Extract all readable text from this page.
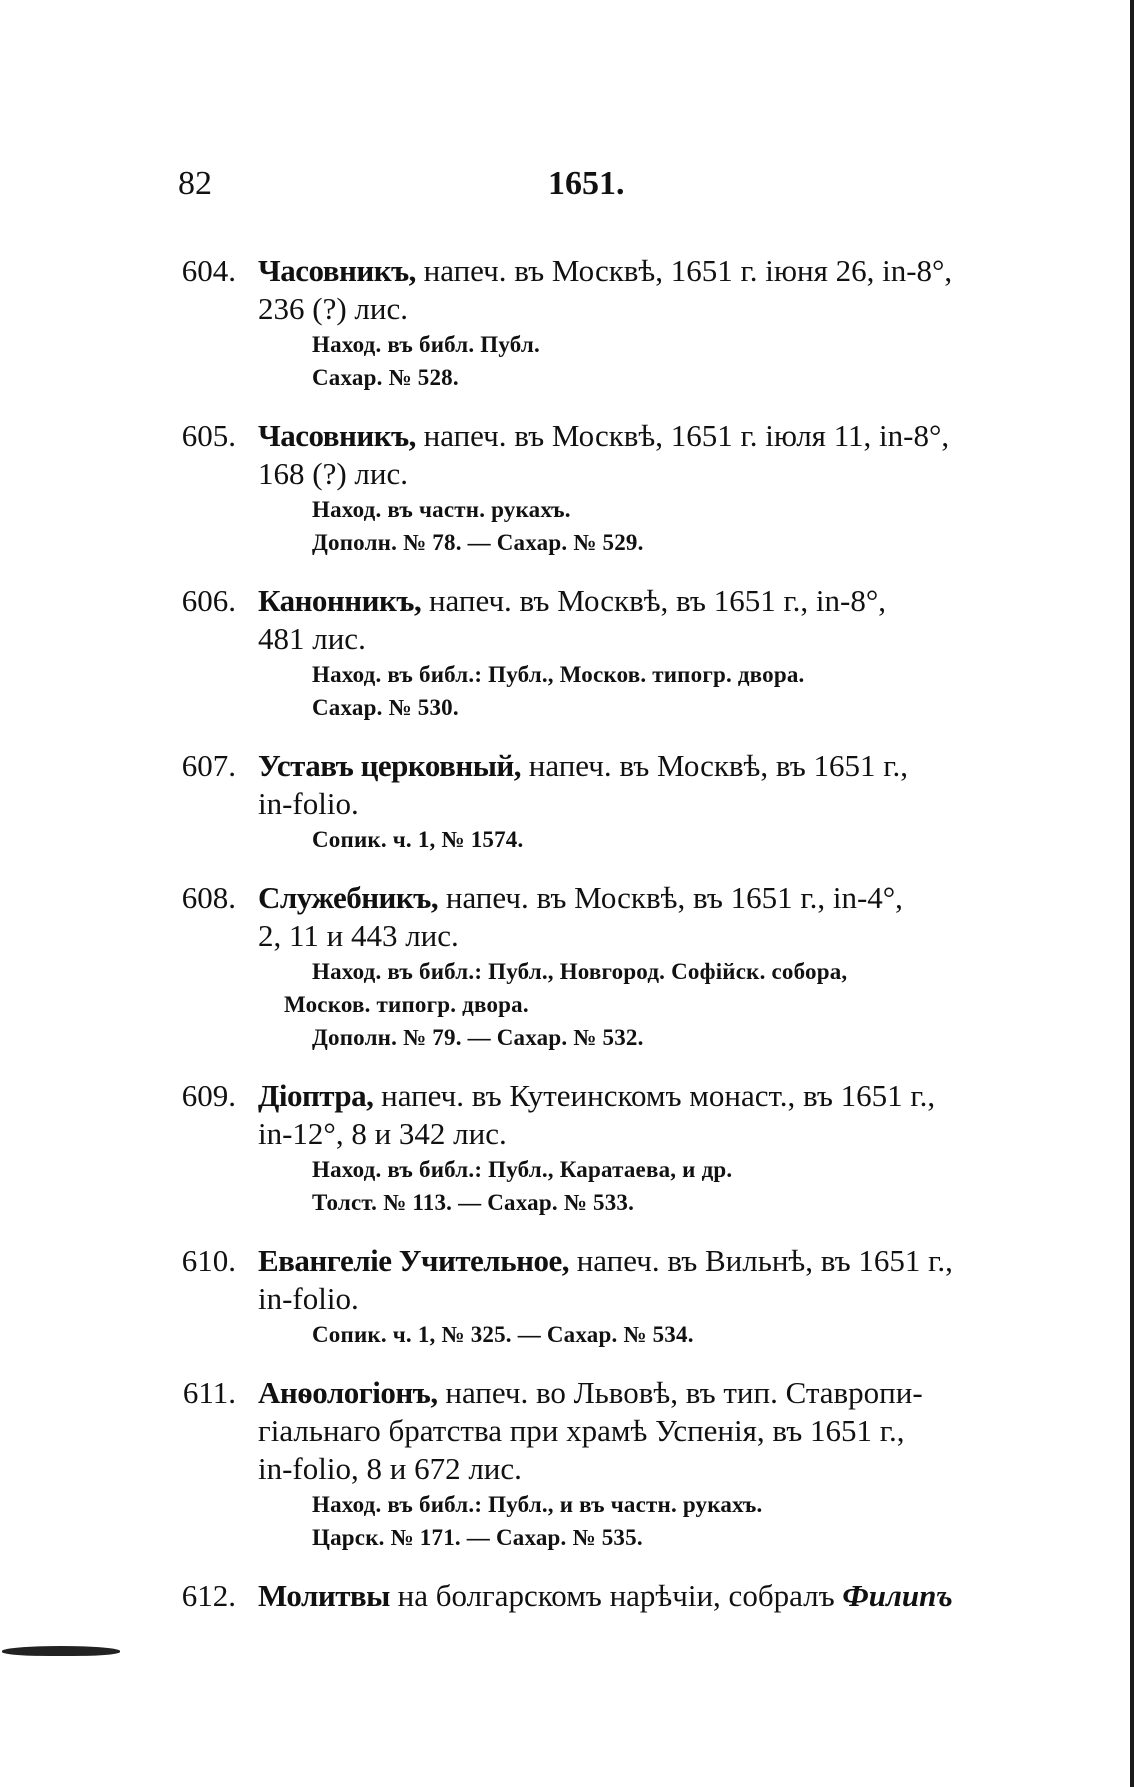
82	1651.
604. Часовникъ, напеч. въ Москвѣ, 1651 г. іюня 26, in-8°,
236 (?) лис.
Наход. въ библ. Публ.
Сахар. № 528.
605. Часовникъ, напеч. въ Москвѣ, 1651 г. іюля 11, in-8°,
168 (?) лис.
Наход. въ частн. рукахъ.
Дополн. № 78. — Сахар. № 529.
606. Канонникъ, напеч. въ Москвѣ, въ 1651 г., in-8°,
481 лис.
Наход. въ библ.: Публ., Москов. типогр. двора.
Сахар. № 530.
607. Уставъ церковный, напеч. въ Москвѣ, въ 1651 г.,
in-folio.
Сопик. ч. 1, № 1574.
608. Служебникъ, напеч. въ Москвѣ, въ 1651 г., in-4°,
2, 11 и 443 лис.
Наход. въ библ.: Публ., Новгород. Софійск. собора,
Москов. типогр. двора.
Дополн. № 79. — Сахар. № 532.
609. Діоптра, напеч. въ Кутеинскомъ монаст., въ 1651 г.,
in-12°, 8 и 342 лис.
Наход. въ библ.: Публ., Каратаева, и др.
Толст. № 113. — Сахар. № 533.
610. Евангеліе Учительное, напеч. въ Вильнѣ, въ 1651 г.,
in-folio.
Сопик. ч. 1, № 325. — Сахар. № 534.
611. Анѳологіонъ, напеч. во Львовѣ, въ тип. Ставропи-
гіальнаго братства при храмѣ Успенія, въ 1651 г.,
in-folio, 8 и 672 лис.
Наход. въ библ.: Публ., и въ частн. рукахъ.
Царск. № 171. — Сахар. № 535.
612. Молитвы на болгарскомъ нарѣчіи, собралъ Филипъ
